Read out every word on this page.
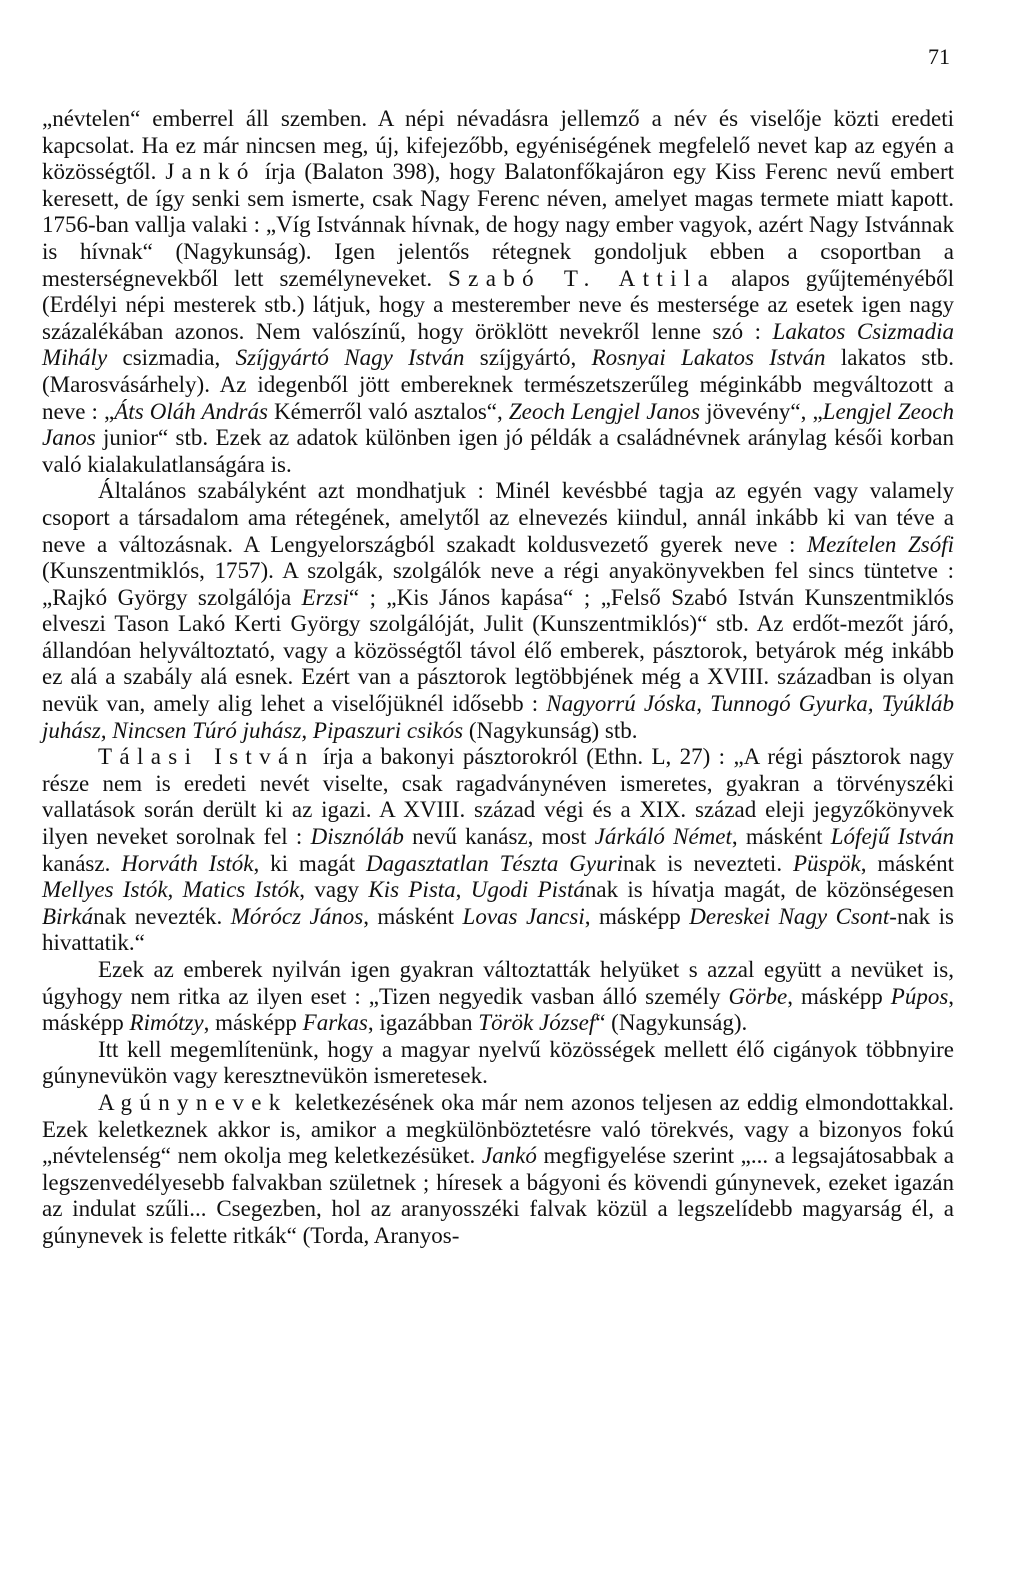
71

„névtelen“ emberrel áll szemben. A népi névadásra jellemző a név és viselője közti eredeti kapcsolat. Ha ez már nincsen meg, új, kifejezőbb, egyéniségének megfelelő nevet kap az egyén a közösségtől. Jankó írja (Balaton 398), hogy Balatonfőkajáron egy Kiss Ferenc nevű embert keresett, de így senki sem ismerte, csak Nagy Ferenc néven, amelyet magas termete miatt kapott. 1756-ban vallja valaki : „Víg Istvánnak hívnak, de hogy nagy ember vagyok, azért Nagy Istvánnak is hívnak“ (Nagykunság). Igen jelentős rétegnek gondoljuk ebben a csoportban a mesterségnevekből lett személyneveket. Szabó T. Attila alapos gyűjteményéből (Erdélyi népi mesterek stb.) látjuk, hogy a mesterember neve és mestersége az esetek igen nagy százalékában azonos. Nem valószínű, hogy öröklött nevekről lenne szó : Lakatos Csizmadia Mihály csizmadia, Szíjgyártó Nagy István szíjgyártó, Rosnyai Lakatos István lakatos stb. (Marosvásárhely). Az idegenből jött embereknek természetszerűleg méginkább megváltozott a neve : „Áts Oláh András Kémerről való asztalos“, Zeoch Lengjel Janos jövevény“, „Lengjel Zeoch Janos junior“ stb. Ezek az adatok különben igen jó példák a családnévnek aránylag késői korban való kialakulatlanságára is.

Általános szabályként azt mondhatjuk : Minél kevésbbé tagja az egyén vagy valamely csoport a társadalom ama rétegének, amelytől az elnevezés kiindul, annál inkább ki van téve a neve a változásnak. A Lengyelországból szakadt koldusvezető gyerek neve : Mezítelen Zsófi (Kunszentmiklós, 1757). A szolgák, szolgálók neve a régi anyakönyvekben fel sincs tüntetve : „Rajkó György szolgálója Erzsi“ ; „Kis János kapása“ ; „Felső Szabó István Kunszentmiklós elveszi Tason Lakó Kerti György szolgálóját, Julit (Kunszentmiklós)“ stb. Az erdőt-mezőt járó, állandóan helyváltoztató, vagy a közösségtől távol élő emberek, pásztorok, betyárok még inkább ez alá a szabály alá esnek. Ezért van a pásztorok legtöbbjének még a XVIII. században is olyan nevük van, amely alig lehet a viselőjüknél idősebb : Nagyorrú Jóska, Tunnogó Gyurka, Tyúkláb juhász, Nincsen Túró juhász, Pipaszuri csikós (Nagykunság) stb.

Tálasi István írja a bakonyi pásztorokról (Ethn. L, 27) : „A régi pásztorok nagy része nem is eredeti nevét viselte, csak ragadványnéven ismeretes, gyakran a törvényszéki vallatások során derült ki az igazi. A XVIII. század végi és a XIX. század eleji jegyzőkönyvek ilyen neveket sorolnak fel : Disznóláb nevű kanász, most Járkáló Német, másként Lófejű István kanász. Horváth Istók, ki magát Dagasztatlan Tészta Gyurinak is nevezteti. Püspök, másként Mellyes Istók, Matics Istók, vagy Kis Pista, Ugodi Pistának is hívatja magát, de közönségesen Birkának nevezték. Mórócz János, másként Lovas Jancsi, másképp Dereskei Nagy Csont-nak is hivattatik.“

Ezek az emberek nyilván igen gyakran változtatták helyüket s azzal együtt a nevüket is, úgyhogy nem ritka az ilyen eset : „Tizen negyedik vasban álló személy Görbe, másképp Púpos, másképp Rimótzy, másképp Farkas, igazábban Török József“ (Nagykunság).

Itt kell megemlítenünk, hogy a magyar nyelvű közösségek mellett élő cigányok többnyire gúnynevükön vagy keresztnevükön ismeretesek.

A gúnynevek keletkezésének oka már nem azonos teljesen az eddig elmondottakkal. Ezek keletkeznek akkor is, amikor a megkülönböztetésre való törekvés, vagy a bizonyos fokú „névtelenség“ nem okolja meg keletkezésüket. Jankó megfigyelése szerint „... a legsajátosabbak a legszenvedélyesebb falvakban születnek ; híresek a bágyoni és kövendi gúnynevek, ezeket igazán az indulat szűli... Csegezben, hol az aranyosszéki falvak közül a legszelídebb magyarság él, a gúnynevek is felette ritkák“ (Torda, Aranyos-
